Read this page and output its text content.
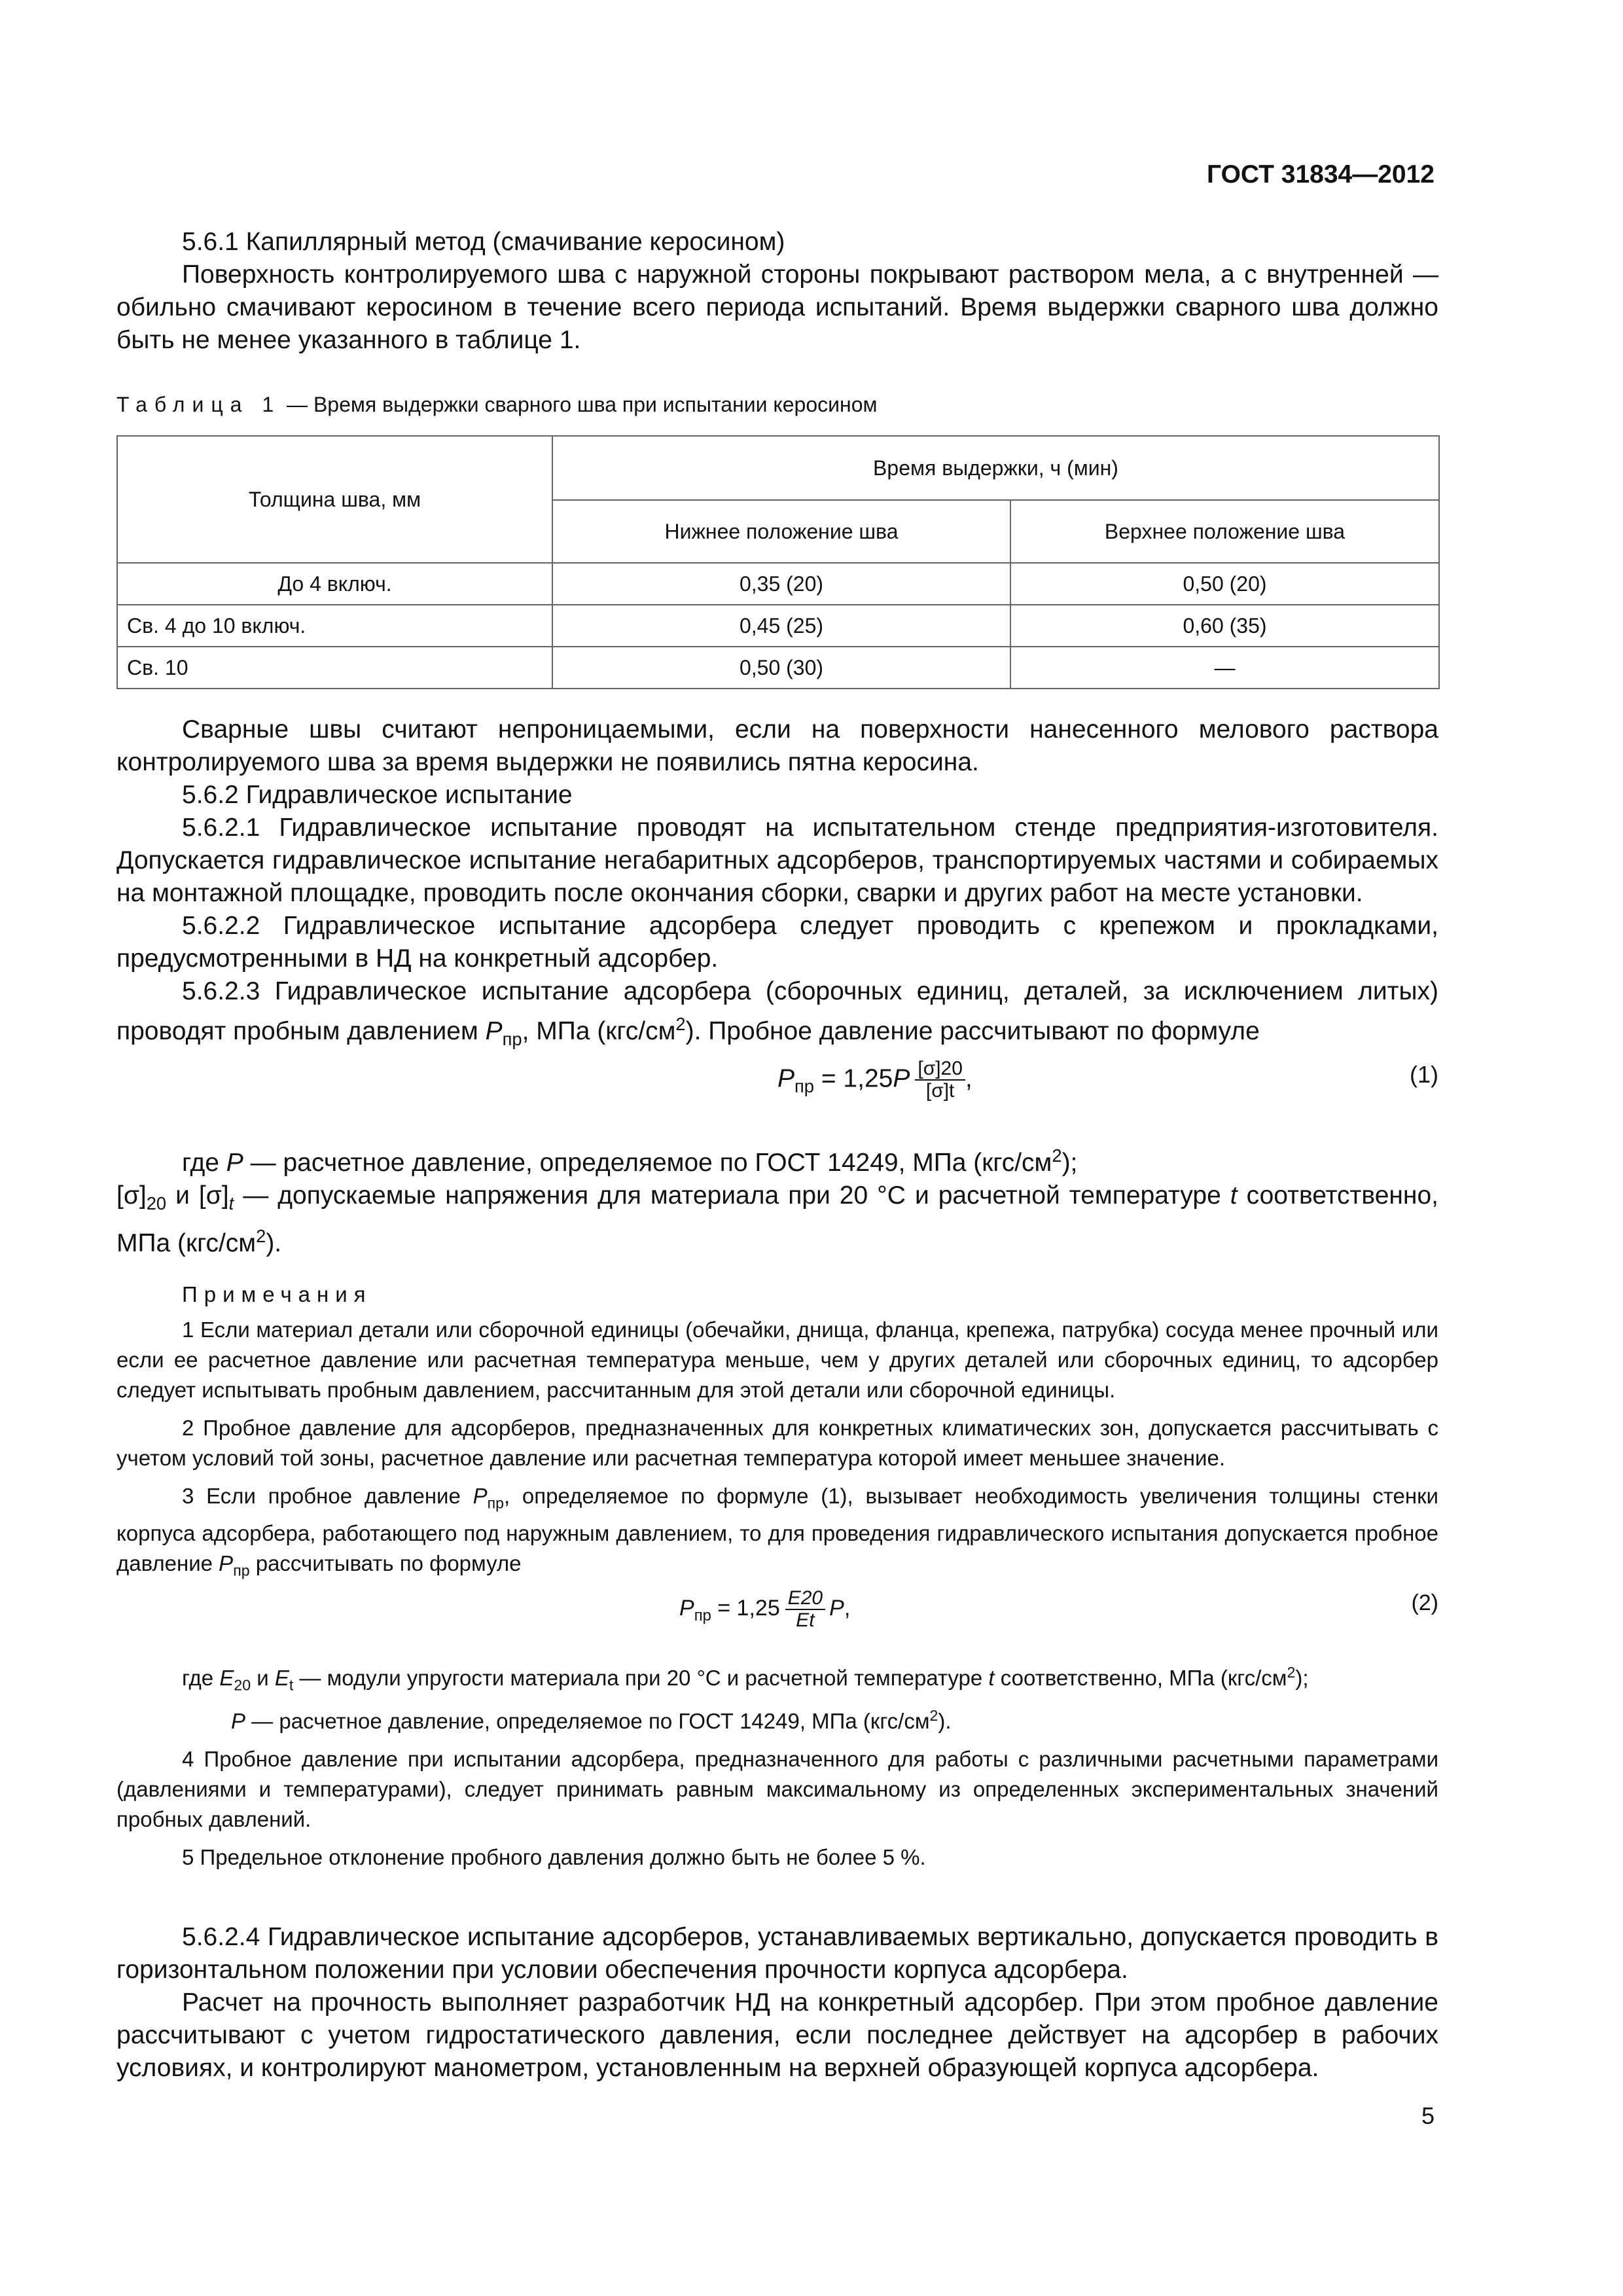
ГОСТ 31834—2012

5.6.1 Капиллярный метод (смачивание керосином)

Поверхность контролируемого шва с наружной стороны покрывают раствором мела, а с внутренней — обильно смачивают керосином в течение всего периода испытаний. Время выдержки сварного шва должно быть не менее указанного в таблице 1.

Таблица 1 — Время выдержки сварного шва при испытании керосином
Толщина шва, мм	Время выдержки, ч (мин)	
	Нижнее положение шва	Верхнее положение шва
До 4 включ.	0,35 (20)	0,50 (20)
Св. 4 до 10 включ.	0,45 (25)	0,60 (35)
Св. 10	0,50 (30)	—

Сварные швы считают непроницаемыми, если на поверхности нанесенного мелового раствора контролируемого шва за время выдержки не появились пятна керосина.

5.6.2 Гидравлическое испытание

5.6.2.1 Гидравлическое испытание проводят на испытательном стенде предприятия-изготовителя. Допускается гидравлическое испытание негабаритных адсорберов, транспортируемых частями и собираемых на монтажной площадке, проводить после окончания сборки, сварки и других работ на месте установки.

5.6.2.2 Гидравлическое испытание адсорбера следует проводить с крепежом и прокладками, предусмотренными в НД на конкретный адсорбер.

5.6.2.3 Гидравлическое испытание адсорбера (сборочных единиц, деталей, за исключением литых) проводят пробным давлением $P_{пр}$, МПа $(кгс/см^2)$. Пробное давление рассчитывают по формуле

$P_{пр} = 1,25P \frac{[\sigma]20}{[\sigma]t}$ ,	(1)

где P — расчетное давление, определяемое по ГОСТ 14249, МПа $(кгс/см^2)$;

$[\sigma]_{20}$ и $[\sigma]_t$ — допускаемые напряжения для материала при 20 °С и расчетной температуре t соответственно, МПа $(кгс/см^2)$.

Примечания

1 Если материал детали или сборочной единицы (обечайки, днища, фланца, крепежа, патрубка) сосуда менее прочный или если ее расчетное давление или расчетная температура меньше, чем у других деталей или сборочных единиц, то адсорбер следует испытывать пробным давлением, рассчитанным для этой детали или сборочной единицы.

2 Пробное давление для адсорберов, предназначенных для конкретных климатических зон, допускается рассчитывать с учетом условий той зоны, расчетное давление или расчетная температура которой имеет меньшее значение.

3 Если пробное давление $P_{пр}$, определяемое по формуле (1), вызывает необходимость увеличения толщины стенки корпуса адсорбера, работающего под наружным давлением, то для проведения гидравлического испытания допускается пробное давление $P_{пр}$ рассчитывать по формуле

$P_{пр} = 1,25 \frac{E20}{Et} P$,	(2)

где $E_{20}$ и $E_t$ — модули упругости материала при 20 °С и расчетной температуре t соответственно, МПа $(кгс/см^2)$;

P — расчетное давление, определяемое по ГОСТ 14249, МПа $(кгс/см^2)$.

4 Пробное давление при испытании адсорбера, предназначенного для работы с различными расчетными параметрами (давлениями и температурами), следует принимать равным максимальному из определенных экспериментальных значений пробных давлений.

5 Предельное отклонение пробного давления должно быть не более 5 %.

5.6.2.4 Гидравлическое испытание адсорберов, устанавливаемых вертикально, допускается проводить в горизонтальном положении при условии обеспечения прочности корпуса адсорбера.

Расчет на прочность выполняет разработчик НД на конкретный адсорбер. При этом пробное давление рассчитывают с учетом гидростатического давления, если последнее действует на адсорбер в рабочих условиях, и контролируют манометром, установленным на верхней образующей корпуса адсорбера.

5
